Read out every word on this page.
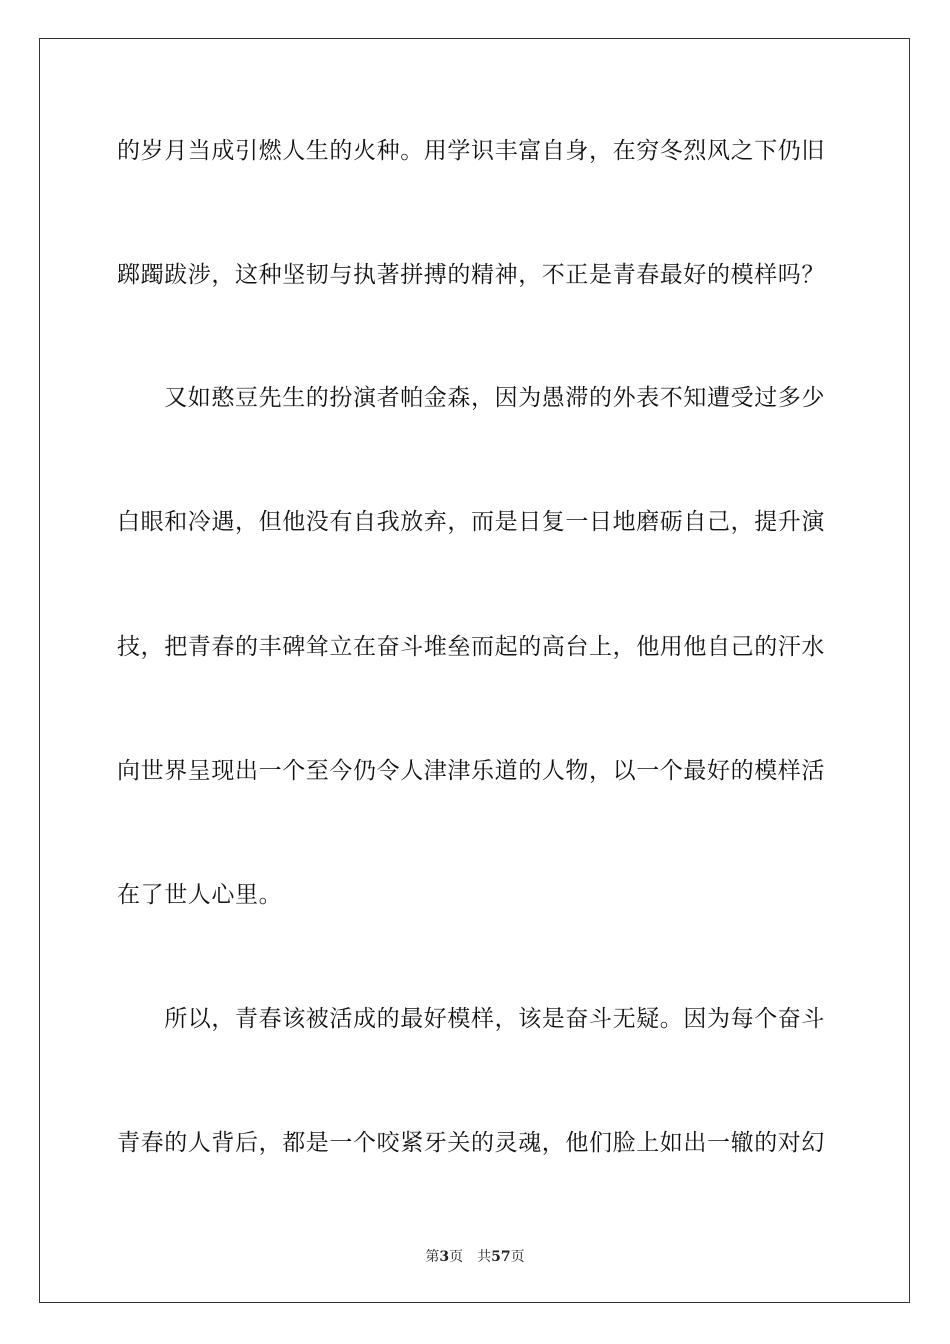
的岁月当成引燃人生的火种。用学识丰富自身，在穷冬烈风之下仍旧
踯躅跋涉，这种坚韧与执著拼搏的精神，不正是青春最好的模样吗？
　　又如憨豆先生的扮演者帕金森，因为愚滞的外表不知遭受过多少
白眼和冷遇，但他没有自我放弃，而是日复一日地磨砺自己，提升演
技，把青春的丰碑耸立在奋斗堆垒而起的高台上，他用他自己的汗水
向世界呈现出一个至今仍令人津津乐道的人物，以一个最好的模样活
在了世人心里。
　　所以，青春该被活成的最好模样，该是奋斗无疑。因为每个奋斗
青春的人背后，都是一个咬紧牙关的灵魂，他们脸上如出一辙的对幻
第3页 共57页
